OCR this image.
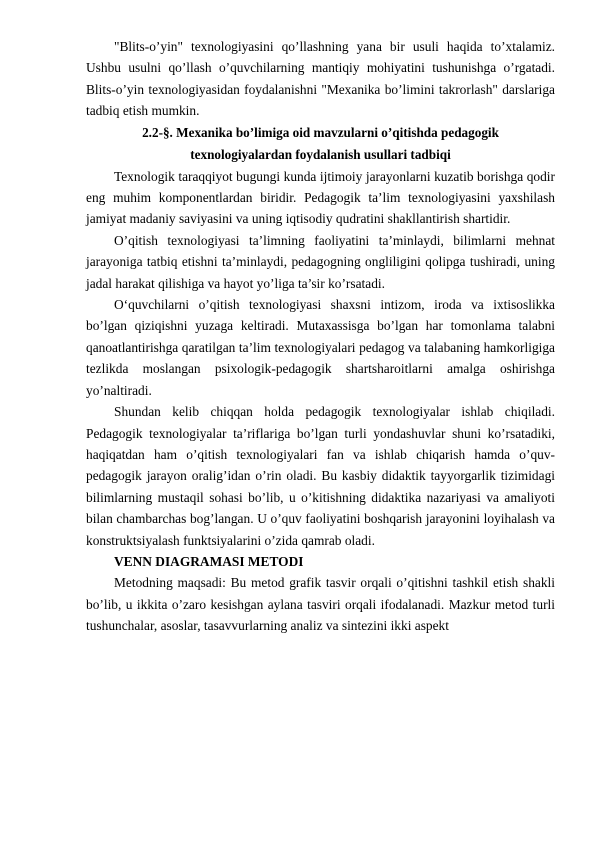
"Blits-o’yin" texnologiyasini qo’llashning yana bir usuli haqida to’xtalamiz. Ushbu usulni qo’llash o’quvchilarning mantiqiy mohiyatini tushunishga o’rgatadi. Blits-o’yin texnologiyasidan foydalanishni "Mexanika bo’limini takrorlash" darslariga tadbiq etish mumkin.

2.2-§. Mexanika bo’limiga oid mavzularni o’qitishda pedagogik texnologiyalardan foydalanish usullari tadbiqi

Texnologik taraqqiyot bugungi kunda ijtimoiy jarayonlarni kuzatib borishga qodir eng muhim komponentlardan biridir. Pedagogik ta’lim texnologiyasini yaxshilash jamiyat madaniy saviyasini va uning iqtisodiy qudratini shakllantirish shartidir.

O’qitish texnologiyasi ta’limning faoliyatini ta’minlaydi, bilimlarni mehnat jarayoniga tatbiq etishni ta’minlaydi, pedagogning ongliligini qolipga tushiradi, uning jadal harakat qilishiga va hayot yo’liga ta’sir ko’rsatadi.

O‘quvchilarni o’qitish texnologiyasi shaxsni intizom, iroda va ixtisoslikka bo’lgan qiziqishni yuzaga keltiradi. Mutaxassisga bo’lgan har tomonlama talabni qanoatlantirishga qaratilgan ta’lim texnologiyalari pedagog va talabaning hamkorligiga tezlikda moslangan psixologik-pedagogik shartsharoitlarni amalga oshirishga yo’naltiradi.

Shundan kelib chiqqan holda pedagogik texnologiyalar ishlab chiqiladi. Pedagogik texnologiyalar ta’riflariga bo’lgan turli yondashuvlar shuni ko’rsatadiki, haqiqatdan ham o’qitish texnologiyalari fan va ishlab chiqarish hamda o’quv-pedagogik jarayon oralig’idan o’rin oladi. Bu kasbiy didaktik tayyorgarlik tizimidagi bilimlarning mustaqil sohasi bo’lib, u o’kitishning didaktika nazariyasi va amaliyoti bilan chambarchas bog’langan. U o’quv faoliyatini boshqarish jarayonini loyihalash va konstruktsiyalash funktsiyalarini o’zida qamrab oladi.

VENN DIAGRAMASI METODI

Metodning maqsadi: Bu metod grafik tasvir orqali o’qitishni tashkil etish shakli bo’lib, u ikkita o’zaro kesishgan aylana tasviri orqali ifodalanadi. Mazkur metod turli tushunchalar, asoslar, tasavvurlarning analiz va sintezini ikki aspekt
